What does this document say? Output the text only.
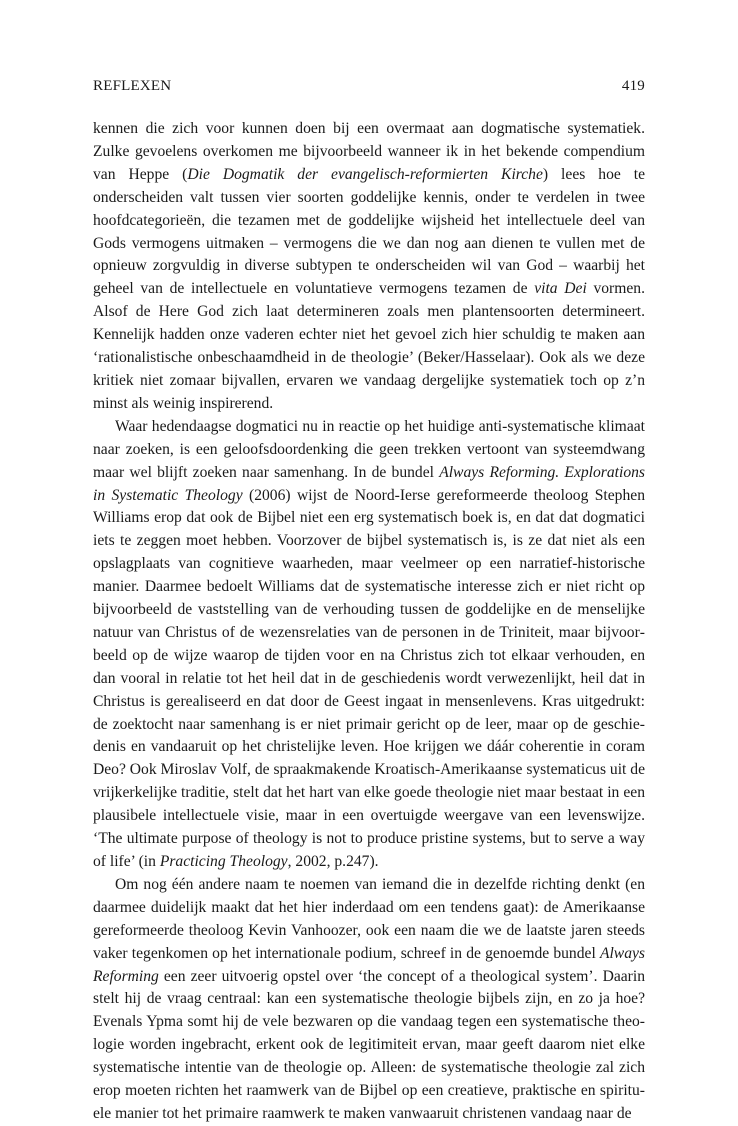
REFLEXEN	419

kennen die zich voor kunnen doen bij een overmaat aan dogmatische systematiek. Zulke gevoelens overkomen me bijvoorbeeld wanneer ik in het bekende compendium van Heppe (Die Dogmatik der evangelisch-reformierten Kirche) lees hoe te onderscheiden valt tussen vier soorten goddelijke kennis, onder te verdelen in twee hoofdcategorieën, die tezamen met de goddelijke wijsheid het intellectuele deel van Gods vermogens uitmaken – vermogens die we dan nog aan dienen te vullen met de opnieuw zorgvuldig in diverse subtypen te onderscheiden wil van God – waarbij het geheel van de intellectuele en voluntatieve vermogens tezamen de vita Dei vormen. Alsof de Here God zich laat determineren zoals men plantensoorten determineert. Kennelijk hadden onze vaderen echter niet het gevoel zich hier schuldig te maken aan ‘rationalistische onbeschaamdheid in de theologie’ (Beker/Hasselaar). Ook als we deze kritiek niet zomaar bijvallen, ervaren we vandaag dergelijke systematiek toch op z’n minst als weinig inspirerend.

Waar hedendaagse dogmatici nu in reactie op het huidige anti-systematische klimaat naar zoeken, is een geloofsdoordenking die geen trekken vertoont van systeemdwang maar wel blijft zoeken naar samenhang. In de bundel Always Reforming. Explorations in Systematic Theology (2006) wijst de Noord-Ierse gereformeerde theoloog Stephen Williams erop dat ook de Bijbel niet een erg systematisch boek is, en dat dat dogmatici iets te zeggen moet hebben. Voorzover de bijbel systematisch is, is ze dat niet als een opslagplaats van cognitieve waarheden, maar veelmeer op een narratief-historische manier. Daarmee bedoelt Williams dat de systematische interesse zich er niet richt op bijvoorbeeld de vaststelling van de verhouding tussen de goddelijke en de menselijke natuur van Christus of de wezensrelaties van de personen in de Triniteit, maar bijvoorbeeld op de wijze waarop de tijden voor en na Christus zich tot elkaar verhouden, en dan vooral in relatie tot het heil dat in de geschiedenis wordt verwezenlijkt, heil dat in Christus is gerealiseerd en dat door de Geest ingaat in mensenlevens. Kras uitgedrukt: de zoektocht naar samenhang is er niet primair gericht op de leer, maar op de geschiedenis en vandaaruit op het christelijke leven. Hoe krijgen we dáár coherentie in coram Deo? Ook Miroslav Volf, de spraakmakende Kroatisch-Amerikaanse systematicus uit de vrijkerkelijke traditie, stelt dat het hart van elke goede theologie niet maar bestaat in een plausibele intellectuele visie, maar in een overtuigde weergave van een levenswijze. ‘The ultimate purpose of theology is not to produce pristine systems, but to serve a way of life’ (in Practicing Theology, 2002, p.247).

Om nog één andere naam te noemen van iemand die in dezelfde richting denkt (en daarmee duidelijk maakt dat het hier inderdaad om een tendens gaat): de Amerikaanse gereformeerde theoloog Kevin Vanhoozer, ook een naam die we de laatste jaren steeds vaker tegenkomen op het internationale podium, schreef in de genoemde bundel Always Reforming een zeer uitvoerig opstel over ‘the concept of a theological system’. Daarin stelt hij de vraag centraal: kan een systematische theologie bijbels zijn, en zo ja hoe? Evenals Ypma somt hij de vele bezwaren op die vandaag tegen een systematische theologie worden ingebracht, erkent ook de legitimiteit ervan, maar geeft daarom niet elke systematische intentie van de theologie op. Alleen: de systematische theologie zal zich erop moeten richten het raamwerk van de Bijbel op een creatieve, praktische en spirituele manier tot het primaire raamwerk te maken vanwaaruit christenen vandaag naar de
